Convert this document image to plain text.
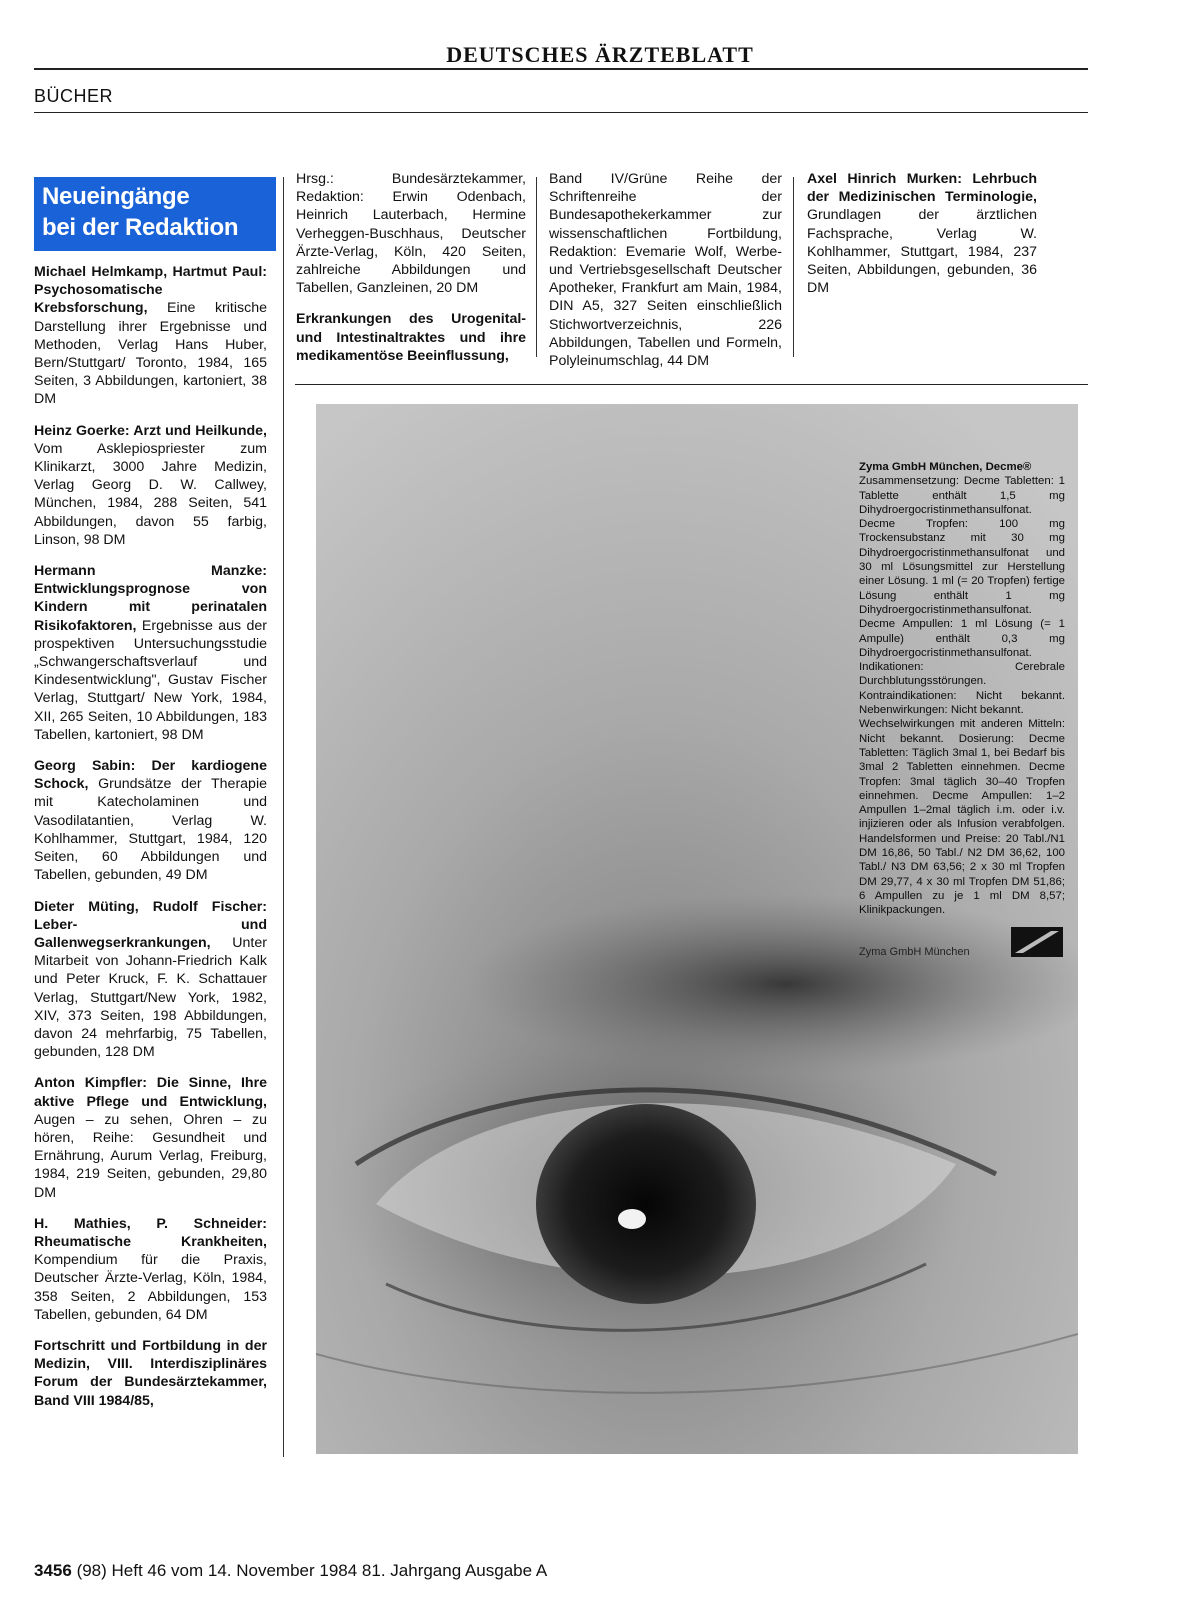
DEUTSCHES ÄRZTEBLATT
BÜCHER
Neueingänge
bei der Redaktion

Michael Helmkamp, Hartmut Paul: Psychosomatische Krebsforschung, Eine kritische Darstellung ihrer Ergebnisse und Methoden, Verlag Hans Huber, Bern/Stuttgart/ Toronto, 1984, 165 Seiten, 3 Abbildungen, kartoniert, 38 DM

Heinz Goerke: Arzt und Heilkunde, Vom Asklepiospriester zum Klinikarzt, 3000 Jahre Medizin, Verlag Georg D. W. Callwey, München, 1984, 288 Seiten, 541 Abbildungen, davon 55 farbig, Linson, 98 DM

Hermann Manzke: Entwicklungsprognose von Kindern mit perinatalen Risikofaktoren, Ergebnisse aus der prospektiven Untersuchungsstudie „Schwangerschaftsverlauf und Kindesentwicklung", Gustav Fischer Verlag, Stuttgart/ New York, 1984, XII, 265 Seiten, 10 Abbildungen, 183 Tabellen, kartoniert, 98 DM

Georg Sabin: Der kardiogene Schock, Grundsätze der Therapie mit Katecholaminen und Vasodilatantien, Verlag W. Kohlhammer, Stuttgart, 1984, 120 Seiten, 60 Abbildungen und Tabellen, gebunden, 49 DM

Dieter Müting, Rudolf Fischer: Leber- und Gallenwegserkrankungen, Unter Mitarbeit von Johann-Friedrich Kalk und Peter Kruck, F. K. Schattauer Verlag, Stuttgart/New York, 1982, XIV, 373 Seiten, 198 Abbildungen, davon 24 mehrfarbig, 75 Tabellen, gebunden, 128 DM

Anton Kimpfler: Die Sinne, Ihre aktive Pflege und Entwicklung, Augen – zu sehen, Ohren – zu hören, Reihe: Gesundheit und Ernährung, Aurum Verlag, Freiburg, 1984, 219 Seiten, gebunden, 29,80 DM

H. Mathies, P. Schneider: Rheumatische Krankheiten, Kompendium für die Praxis, Deutscher Ärzte-Verlag, Köln, 1984, 358 Seiten, 2 Abbildungen, 153 Tabellen, gebunden, 64 DM

Fortschritt und Fortbildung in der Medizin, VIII. Interdisziplinäres Forum der Bundesärztekammer, Band VIII 1984/85,

Hrsg.: Bundesärztekammer, Redaktion: Erwin Odenbach, Heinrich Lauterbach, Hermine Verheggen-Buschhaus, Deutscher Ärzte-Verlag, Köln, 420 Seiten, zahlreiche Abbildungen und Tabellen, Ganzleinen, 20 DM

Erkrankungen des Urogenital- und Intestinaltraktes und ihre medikamentöse Beeinflussung,

Band IV/Grüne Reihe der Schriftenreihe der Bundesapothekerkammer zur wissenschaftlichen Fortbildung, Redaktion: Evemarie Wolf, Werbe- und Vertriebsgesellschaft Deutscher Apotheker, Frankfurt am Main, 1984, DIN A5, 327 Seiten einschließlich Stichwortverzeichnis, 226 Abbildungen, Tabellen und Formeln, Polyleinumschlag, 44 DM

Axel Hinrich Murken: Lehrbuch der Medizinischen Terminologie, Grundlagen der ärztlichen Fachsprache, Verlag W. Kohlhammer, Stuttgart, 1984, 237 Seiten, Abbildungen, gebunden, 36 DM

Zyma GmbH München, Decme®

Zusammensetzung: Decme Tabletten: 1 Tablette enthält 1,5 mg Dihydroergocristinmethansulfonat. Decme Tropfen: 100 mg Trockensubstanz mit 30 mg Dihydroergocristinmethansulfonat und 30 ml Lösungsmittel zur Herstellung einer Lösung. 1 ml (= 20 Tropfen) fertige Lösung enthält 1 mg Dihydroergocristinmethansulfonat. Decme Ampullen: 1 ml Lösung (= 1 Ampulle) enthält 0,3 mg Dihydroergocristinmethansulfonat. Indikationen: Cerebrale Durchblutungsstörungen. Kontraindikationen: Nicht bekannt. Nebenwirkungen: Nicht bekannt.

Wechselwirkungen mit anderen Mitteln: Nicht bekannt. Dosierung: Decme Tabletten: Täglich 3mal 1, bei Bedarf bis 3mal 2 Tabletten einnehmen. Decme Tropfen: 3mal täglich 30–40 Tropfen einnehmen. Decme Ampullen: 1–2 Ampullen 1–2mal täglich i.m. oder i.v. injizieren oder als Infusion verabfolgen. Handelsformen und Preise: 20 Tabl./N1 DM 16,86, 50 Tabl./ N2 DM 36,62, 100 Tabl./ N3 DM 63,56; 2 x 30 ml Tropfen DM 29,77, 4 x 30 ml Tropfen DM 51,86; 6 Ampullen zu je 1 ml DM 8,57; Klinikpackungen.

Zyma GmbH München
3456 (98) Heft 46 vom 14. November 1984 81. Jahrgang Ausgabe A
